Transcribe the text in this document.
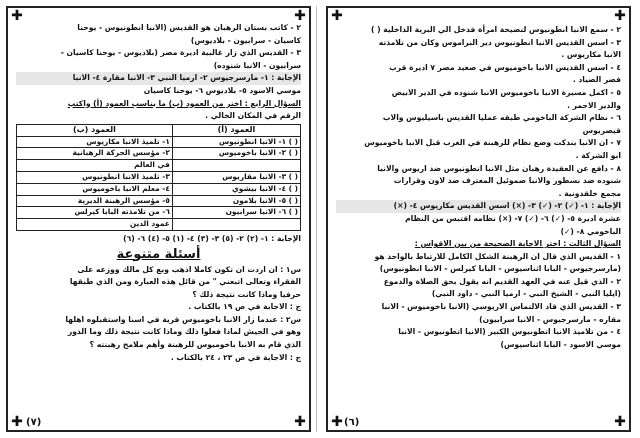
✚	✚
✚	✚
٢ - سمع الانبا انطونيوس لنصيحة امرأة فدخل الي البرية الداخلية ( )
٣ - اسس القديس الانبا انطونيوس دير البراموس وكان من تلامذته
الانبا مكاريوس .
٤ - اسس القديس الانبا باخوميوس في صعيد مصر ٧ اديرة قرب
قصر الصياد .
٥ - اكمل مسيرة الانبا باخوميوس الانبا شنوده في الدير الابيض
والدير الاحمر .
٦ - نظام الشركة الباخومي طبقه عمليا القديس باسيليوس والاب
قيصريوس
٧ - ان الانبا بندكت وضع نظام للرهبنة في الغرب قبل الانبا باخوميوس
ابو الشركة .
٨ - دافع عن العقيدة رهبان مثل الانبا انطونيوس ضد اريوس والانبا
شنوده ضد نسطور والانبا صموئيل المعترف ضد لاون وقرارات
مجمع خلقدونية .
الإجابة : ١- (✓) ٢- (✓) ٣- (×) اسس القديس مكاريوس ٤- (×)
عشرة اديرة ٥- (✓) ٦- (✓) ٧- (×) نظامه اقتبس من النظام
الباخومي ٨- (✓)
السؤال الثالث : اختر الاجابة الصحيحة من بين الاقواس :
١ - القديس الذي قال ان الرهبنة الشكل الكامل للارتباط بالواحد هو
(مارسرجيوس - البابا اثناسيوس - البابا كيرلس - الانبا انطونيوس)
٢ - الذي قيل عنه في العهد القديم انه يقول بحق الصلاة والدموع
(ايليا النبي - الشيخ النبي - ارميا النبي - داود النبي)
٣ - القديس الذي قاد الالتماس الاريوسي (الانبا باخوميوس - الانبا
مقاره - مارسرجيوس - الانبا سرابيون)
٤ - من تلاميذ الانبا انطونيوس الكبير (الانبا انطونيوس - الانبا
موسي الاسود - البابا اثناسيوس)
(٦)
✚	✚
✚	✚
٢ - كاتب بستان الرهبان هو القديس (الانبا انطونيوس - يوحنا
كاسيان - سرابيون - بلاديوس)
٣ - القديس الذي زار غالبية اديرة مصر (بلاديوس - يوحنا كاسيان -
سرابيون - الانبا شنوده)
الإجابة : ١- مارسرجيوس ٢- ارميا النبي ٣- الانبا مقارة ٤- الانبا
موسي الاسود ٥- بلاديوس ٦- يوحنا كاسيان
السؤال الرابع : اختر من العمود (ب) ما يناسب العمود (أ) واكتب
الرقم في المكان الخالي .
العمود (أ)	العمود (ب)
( ) ١- الانبا انطونيوس	١- تلميذ الانبا مكاريوس
( ) ٢- الانبا باخوميوس	٢- مؤسس الحركة الرهبانية
	في العالم
( ) ٣- الانبا مقاريوس	٣- تلميذ الانبا انطونيوس
( ) ٤- الانبا بيشوي	٤- معلم الانبا باخوميوس
( ) ٥- الانبا بلامون	٥- مؤسس الرهبنة الديرية
( ) ٦- الانبا سرابيون	٦- من تلامذته البابا كيرلس
	عمود الدين
الإجابة : ١- (٢) ٢- (٥) ٣- (٣) ٤- (١) ٥- (٤) ٦- (٦)
أسئلة متنوعة
س١ : ان اردت ان تكون كاملا اذهب وبع كل مالك ووزعه على
الفقراء وتعالى اتبعني " من قائل هذه العبارة ومن الذي طبقها
حرفيا وماذا كانت نتيجة ذلك ؟
ج : الاجابة في ص ١٩ بالكتاب .
س٢ : عندما زار الانبا باخوميوس قرية في اسنا واستقبلوه اهلها
وهو في الجيش لماذا فعلوا ذلك وماذا كانت نتيجة ذلك وما الدور
الذي قام به الانبا باخوميوس للرهبنة وأهم ملامح رهبنته ؟
ج : الاجابة في ص ٢٣ ، ٢٤ بالكتاب .
(٧)
